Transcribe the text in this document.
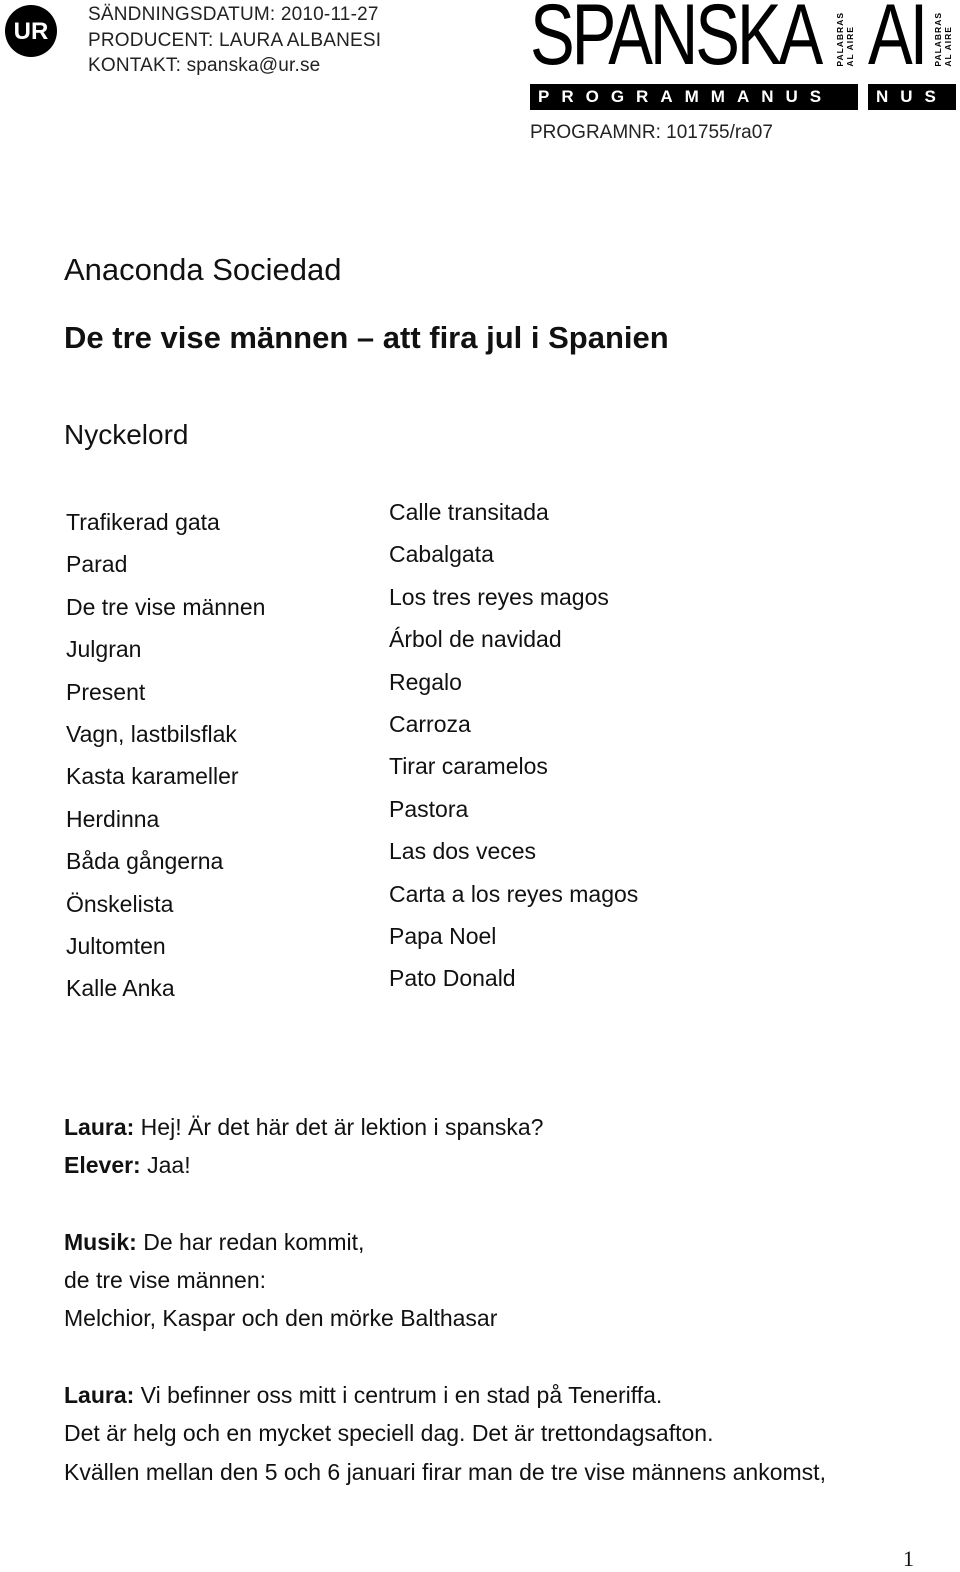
UR
SÄNDNINGSDATUM: 2010-11-27
PRODUCENT: LAURA ALBANESI
KONTAKT: spanska@ur.se	SPANSKA PALABRAS AL AIRE AI PALABRAS AL AIRE
PROGRAMMANUS	NUS
PROGRAMNR: 101755/ra07
Anaconda Sociedad
De tre vise männen – att fira jul i Spanien
Nyckelord
Trafikerad gata
Parad
De tre vise männen
Julgran
Present
Vagn, lastbilsflak
Kasta karameller
Herdinna
Båda gångerna
Önskelista
Jultomten
Kalle Anka
Calle transitada
Cabalgata
Los tres reyes magos
Árbol de navidad
Regalo
Carroza
Tirar caramelos
Pastora
Las dos veces
Carta a los reyes magos
Papa Noel
Pato Donald
Laura: Hej! Är det här det är lektion i spanska?
Elever: Jaa!
Musik: De har redan kommit,
de tre vise männen:
Melchior, Kaspar och den mörke Balthasar
Laura: Vi befinner oss mitt i centrum i en stad på Teneriffa.
Det är helg och en mycket speciell dag. Det är trettondagsafton.
Kvällen mellan den 5 och 6 januari firar man de tre vise männens ankomst,
1
